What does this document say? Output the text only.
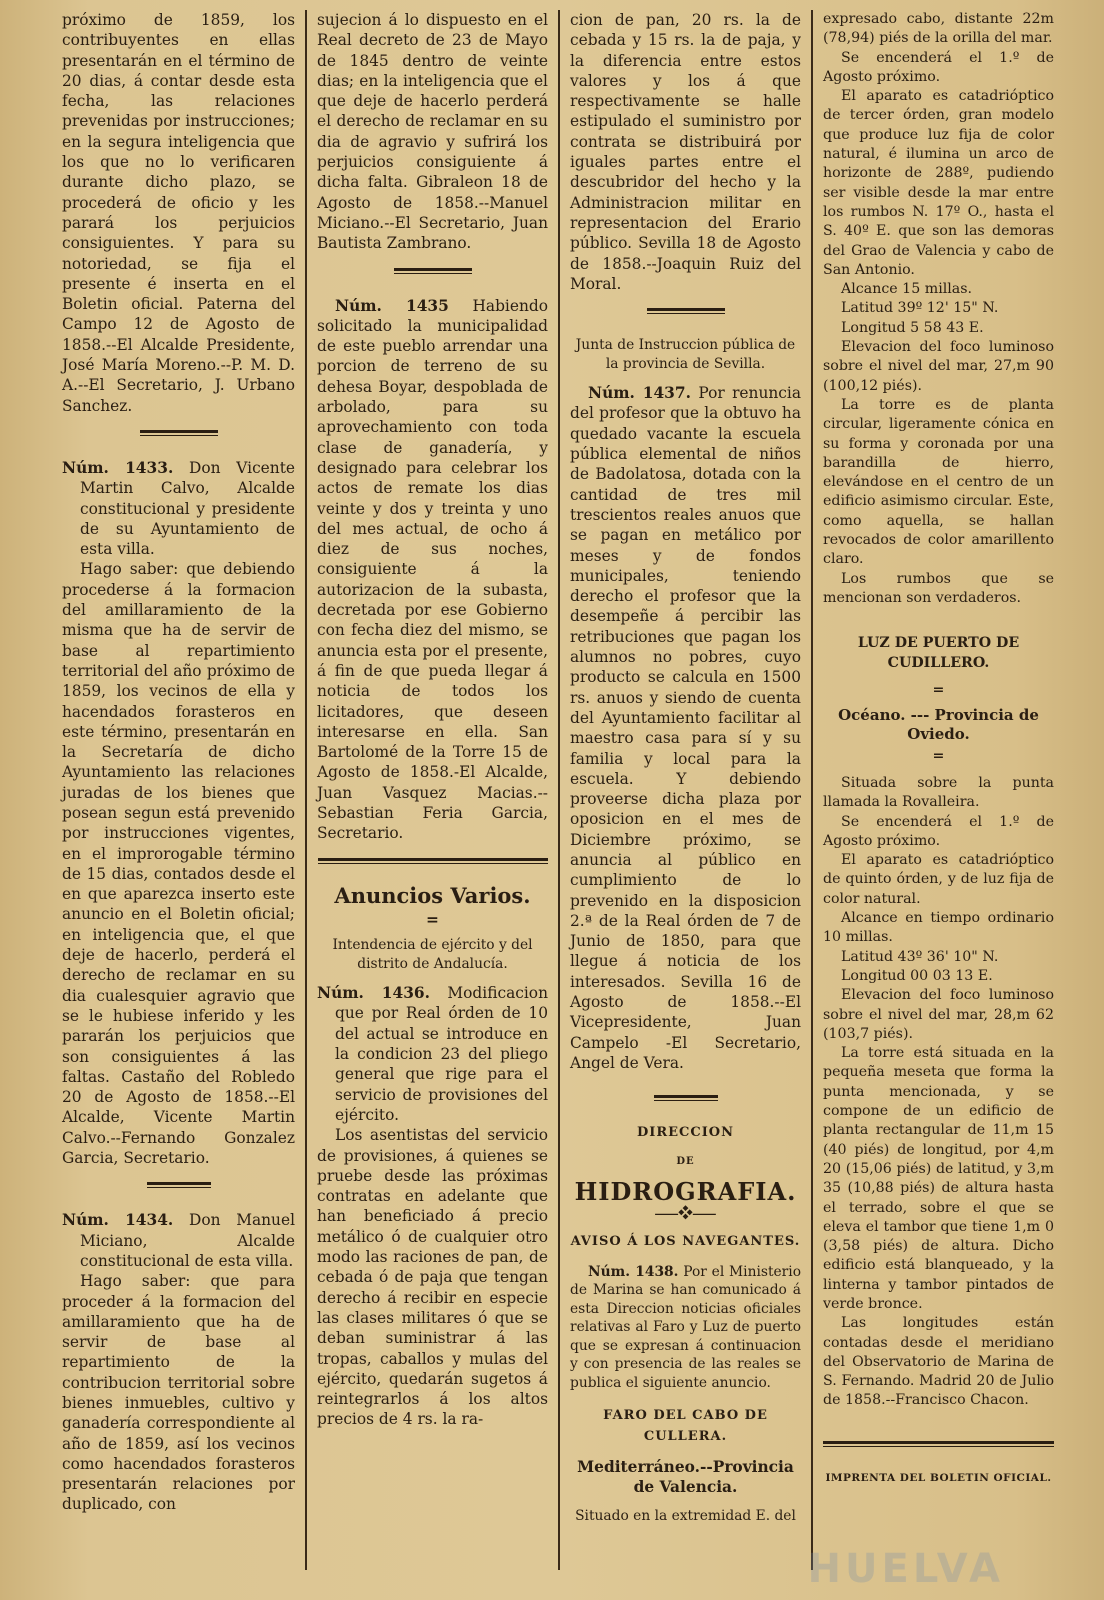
próximo de 1859, los contribuyentes en ellas presentarán en el término de 20 dias, á contar desde esta fecha, las relaciones prevenidas por instrucciones; en la segura inteligencia que los que no lo verificaren durante dicho plazo, se procederá de oficio y les parará los perjuicios consiguientes. Y para su notoriedad, se fija el presente é inserta en el Boletin oficial. Paterna del Campo 12 de Agosto de 1858.--El Alcalde Presidente, José María Moreno.--P. M. D. A.--El Secretario, J. Urbano Sanchez.

Núm. 1433. Don Vicente Martin Calvo, Alcalde constitucional y presidente de su Ayuntamiento de esta villa.

Hago saber: que debiendo procederse á la formacion del amillaramiento de la misma que ha de servir de base al repartimiento territorial del año próximo de 1859, los vecinos de ella y hacendados forasteros en este término, presentarán en la Secretaría de dicho Ayuntamiento las relaciones juradas de los bienes que posean segun está prevenido por instrucciones vigentes, en el improrogable término de 15 dias, contados desde el en que aparezca inserto este anuncio en el Boletin oficial; en inteligencia que, el que deje de hacerlo, perderá el derecho de reclamar en su dia cualesquier agravio que se le hubiese inferido y les pararán los perjuicios que son consiguientes á las faltas. Castaño del Robledo 20 de Agosto de 1858.--El Alcalde, Vicente Martin Calvo.--Fernando Gonzalez Garcia, Secretario.

Núm. 1434. Don Manuel Miciano, Alcalde constitucional de esta villa.

Hago saber: que para proceder á la formacion del amillaramiento que ha de servir de base al repartimiento de la contribucion territorial sobre bienes inmuebles, cultivo y ganadería correspondiente al año de 1859, así los vecinos como hacendados forasteros presentarán relaciones por duplicado, con

sujecion á lo dispuesto en el Real decreto de 23 de Mayo de 1845 dentro de veinte dias; en la inteligencia que el que deje de hacerlo perderá el derecho de reclamar en su dia de agravio y sufrirá los perjuicios consiguiente á dicha falta. Gibraleon 18 de Agosto de 1858.--Manuel Miciano.--El Secretario, Juan Bautista Zambrano.

Núm. 1435 Habiendo solicitado la municipalidad de este pueblo arrendar una porcion de terreno de su dehesa Boyar, despoblada de arbolado, para su aprovechamiento con toda clase de ganadería, y designado para celebrar los actos de remate los dias veinte y dos y treinta y uno del mes actual, de ocho á diez de sus noches, consiguiente á la autorizacion de la subasta, decretada por ese Gobierno con fecha diez del mismo, se anuncia esta por el presente, á fin de que pueda llegar á noticia de todos los licitadores, que deseen interesarse en ella. San Bartolomé de la Torre 15 de Agosto de 1858.-El Alcalde, Juan Vasquez Macias.--Sebastian Feria Garcia, Secretario.

Anuncios Varios.
=

Intendencia de ejército y del distrito de Andalucía.

Núm. 1436. Modificacion que por Real órden de 10 del actual se introduce en la condicion 23 del pliego general que rige para el servicio de provisiones del ejército.

Los asentistas del servicio de provisiones, á quienes se pruebe desde las próximas contratas en adelante que han beneficiado á precio metálico ó de cualquier otro modo las raciones de pan, de cebada ó de paja que tengan derecho á recibir en especie las clases militares ó que se deban suministrar á las tropas, caballos y mulas del ejército, quedarán sugetos á reintegrarlos á los altos precios de 4 rs. la ra-

cion de pan, 20 rs. la de cebada y 15 rs. la de paja, y la diferencia entre estos valores y los á que respectivamente se halle estipulado el suministro por contrata se distribuirá por iguales partes entre el descubridor del hecho y la Administracion militar en representacion del Erario público. Sevilla 18 de Agosto de 1858.--Joaquin Ruiz del Moral.

Junta de Instruccion pública de la provincia de Sevilla.

Núm. 1437. Por renuncia del profesor que la obtuvo ha quedado vacante la escuela pública elemental de niños de Badolatosa, dotada con la cantidad de tres mil trescientos reales anuos que se pagan en metálico por meses y de fondos municipales, teniendo derecho el profesor que la desempeñe á percibir las retribuciones que pagan los alumnos no pobres, cuyo producto se calcula en 1500 rs. anuos y siendo de cuenta del Ayuntamiento facilitar al maestro casa para sí y su familia y local para la escuela. Y debiendo proveerse dicha plaza por oposicion en el mes de Diciembre próximo, se anuncia al público en cumplimiento de lo prevenido en la disposicion 2.ª de la Real órden de 7 de Junio de 1850, para que llegue á noticia de los interesados. Sevilla 16 de Agosto de 1858.--El Vicepresidente, Juan Campelo -El Secretario, Angel de Vera.

DIRECCION
DE
HIDROGRAFIA.
⸺❖⸺
AVISO Á LOS NAVEGANTES.

Núm. 1438. Por el Ministerio de Marina se han comunicado á esta Direccion noticias oficiales relativas al Faro y Luz de puerto que se expresan á continuacion y con presencia de las reales se publica el siguiente anuncio.

FARO DEL CABO DE CULLERA.

Mediterráneo.--Provincia de Valencia.

Situado en la extremidad E. del

expresado cabo, distante 22m (78,94) piés de la orilla del mar.

Se encenderá el 1.º de Agosto próximo.

El aparato es catadrióptico de tercer órden, gran modelo que produce luz fija de color natural, é ilumina un arco de horizonte de 288º, pudiendo ser visible desde la mar entre los rumbos N. 17º O., hasta el S. 40º E. que son las demoras del Grao de Valencia y cabo de San Antonio.

Alcance 15 millas.

Latitud 39º 12' 15" N.

Longitud 5 58 43 E.

Elevacion del foco luminoso sobre el nivel del mar, 27,m 90 (100,12 piés).

La torre es de planta circular, ligeramente cónica en su forma y coronada por una barandilla de hierro, elevándose en el centro de un edificio asimismo circular. Este, como aquella, se hallan revocados de color amarillento claro.

Los rumbos que se mencionan son verdaderos.

LUZ DE PUERTO DE CUDILLERO.
=

Océano. --- Provincia de Oviedo.

=

Situada sobre la punta llamada la Rovalleira.

Se encenderá el 1.º de Agosto próximo.

El aparato es catadrióptico de quinto órden, y de luz fija de color natural.

Alcance en tiempo ordinario 10 millas.

Latitud 43º 36' 10" N.

Longitud 00 03 13 E.

Elevacion del foco luminoso sobre el nivel del mar, 28,m 62 (103,7 piés).

La torre está situada en la pequeña meseta que forma la punta mencionada, y se compone de un edificio de planta rectangular de 11,m 15 (40 piés) de longitud, por 4,m 20 (15,06 piés) de latitud, y 3,m 35 (10,88 piés) de altura hasta el terrado, sobre el que se eleva el tambor que tiene 1,m 0 (3,58 piés) de altura. Dicho edificio está blanqueado, y la linterna y tambor pintados de verde bronce.

Las longitudes están contadas desde el meridiano del Observatorio de Marina de S. Fernando. Madrid 20 de Julio de 1858.--Francisco Chacon.

IMPRENTA DEL BOLETIN OFICIAL.
HUELVA
